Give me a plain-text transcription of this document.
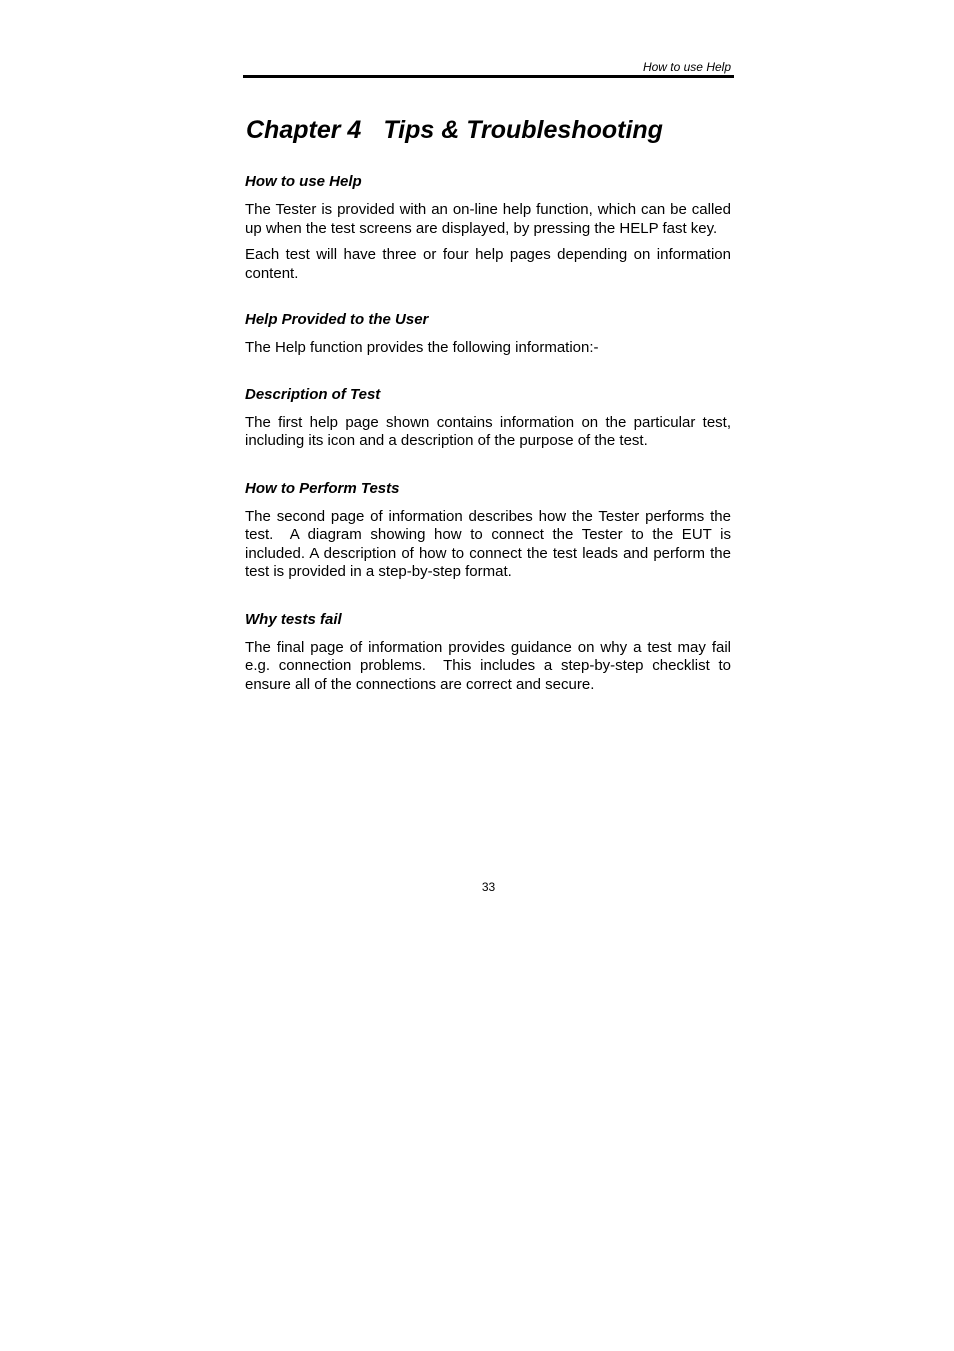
How to use Help
Chapter 4 Tips & Troubleshooting
How to use Help

The Tester is provided with an on-line help function, which can be called up when the test screens are displayed, by pressing the HELP fast key.

Each test will have three or four help pages depending on information content.

Help Provided to the User

The Help function provides the following information:-

Description of Test

The first help page shown contains information on the particular test, including its icon and a description of the purpose of the test.

How to Perform Tests

The second page of information describes how the Tester performs the test.  A diagram showing how to connect the Tester to the EUT is included. A description of how to connect the test leads and perform the test is provided in a step-by-step format.

Why tests fail

The final page of information provides guidance on why a test may fail e.g. connection problems.  This includes a step-by-step checklist to ensure all of the connections are correct and secure.

33
